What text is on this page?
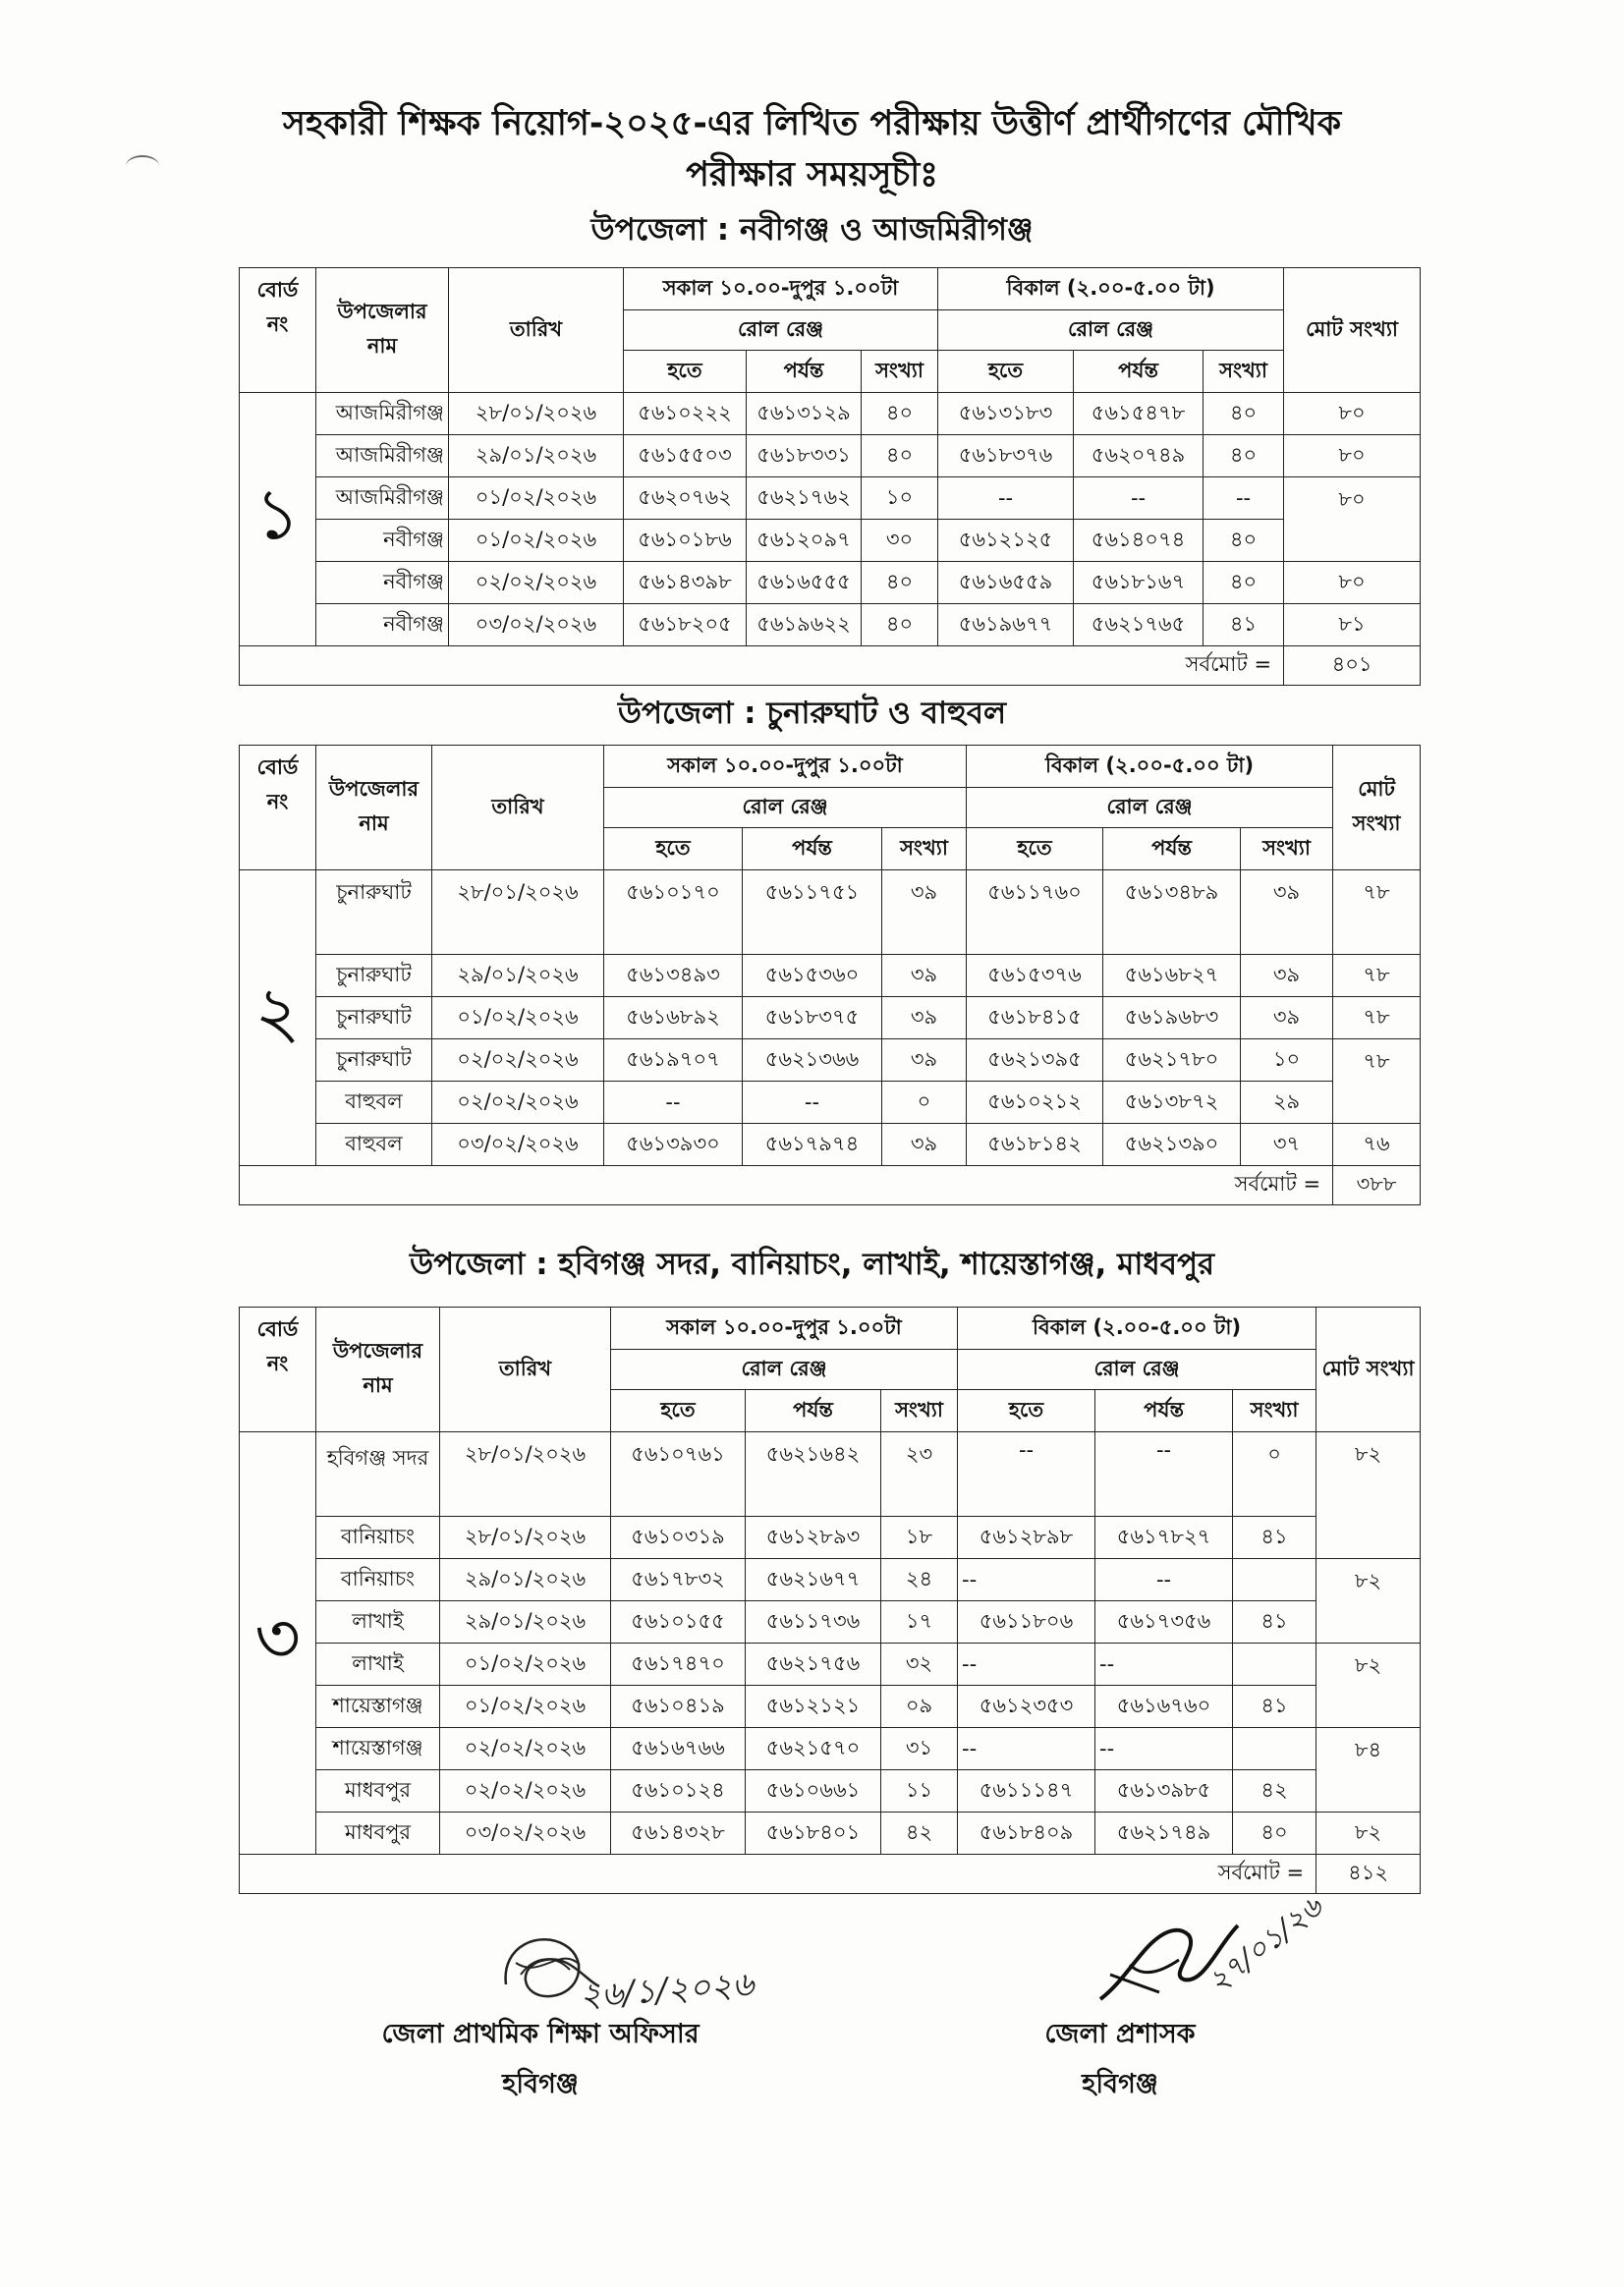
সহকারী শিক্ষক নিয়োগ-২০২৫-এর লিখিত পরীক্ষায় উত্তীর্ণ প্রার্থীগণের মৌখিক
পরীক্ষার সময়সূচীঃ
উপজেলা : নবীগঞ্জ ও আজমিরীগঞ্জ
বোর্ড নং	উপজেলার নাম	তারিখ	সকাল ১০.০০-দুপুর ১.০০টা			বিকাল (২.০০-৫.০০ টা)			মোট সংখ্যা
			রোল রেঞ্জ			রোল রেঞ্জ			
			হতে	পর্যন্ত	সংখ্যা	হতে	পর্যন্ত	সংখ্যা	
১	আজমিরীগঞ্জ	২৮/০১/২০২৬	৫৬১০২২২	৫৬১৩১২৯	৪০	৫৬১৩১৮৩	৫৬১৫৪৭৮	৪০	৮০
	আজমিরীগঞ্জ	২৯/০১/২০২৬	৫৬১৫৫০৩	৫৬১৮৩৩১	৪০	৫৬১৮৩৭৬	৫৬২০৭৪৯	৪০	৮০
	আজমিরীগঞ্জ	০১/০২/২০২৬	৫৬২০৭৬২	৫৬২১৭৬২	১০	--	--	--	৮০
	নবীগঞ্জ	০১/০২/২০২৬	৫৬১০১৮৬	৫৬১২০৯৭	৩০	৫৬১২১২৫	৫৬১৪০৭৪	৪০	
	নবীগঞ্জ	০২/০২/২০২৬	৫৬১৪৩৯৮	৫৬১৬৫৫৫	৪০	৫৬১৬৫৫৯	৫৬১৮১৬৭	৪০	৮০
	নবীগঞ্জ	০৩/০২/২০২৬	৫৬১৮২০৫	৫৬১৯৬২২	৪০	৫৬১৯৬৭৭	৫৬২১৭৬৫	৪১	৮১
সর্বমোট =									৪০১
উপজেলা : চুনারুঘাট ও বাহুবল
বোর্ড নং	উপজেলার নাম	তারিখ	সকাল ১০.০০-দুপুর ১.০০টা			বিকাল (২.০০-৫.০০ টা)			মোট সংখ্যা
			রোল রেঞ্জ			রোল রেঞ্জ			
			হতে	পর্যন্ত	সংখ্যা	হতে	পর্যন্ত	সংখ্যা	
২	চুনারুঘাট	২৮/০১/২০২৬	৫৬১০১৭০	৫৬১১৭৫১	৩৯	৫৬১১৭৬০	৫৬১৩৪৮৯	৩৯	৭৮
	চুনারুঘাট	২৯/০১/২০২৬	৫৬১৩৪৯৩	৫৬১৫৩৬০	৩৯	৫৬১৫৩৭৬	৫৬১৬৮২৭	৩৯	৭৮
	চুনারুঘাট	০১/০২/২০২৬	৫৬১৬৮৯২	৫৬১৮৩৭৫	৩৯	৫৬১৮৪১৫	৫৬১৯৬৮৩	৩৯	৭৮
	চুনারুঘাট	০২/০২/২০২৬	৫৬১৯৭০৭	৫৬২১৩৬৬	৩৯	৫৬২১৩৯৫	৫৬২১৭৮০	১০	৭৮
	বাহুবল	০২/০২/২০২৬	--	--	০	৫৬১০২১২	৫৬১৩৮৭২	২৯	
	বাহুবল	০৩/০২/২০২৬	৫৬১৩৯৩০	৫৬১৭৯৭৪	৩৯	৫৬১৮১৪২	৫৬২১৩৯০	৩৭	৭৬
সর্বমোট =									৩৮৮
উপজেলা : হবিগঞ্জ সদর, বানিয়াচং, লাখাই, শায়েস্তাগঞ্জ, মাধবপুর
বোর্ড নং	উপজেলার নাম	তারিখ	সকাল ১০.০০-দুপুর ১.০০টা			বিকাল (২.০০-৫.০০ টা)			মোট সংখ্যা
			রোল রেঞ্জ			রোল রেঞ্জ			
			হতে	পর্যন্ত	সংখ্যা	হতে	পর্যন্ত	সংখ্যা	
৩	হবিগঞ্জ সদর	২৮/০১/২০২৬	৫৬১০৭৬১	৫৬২১৬৪২	২৩	--	--	০	৮২
	বানিয়াচং	২৮/০১/২০২৬	৫৬১০৩১৯	৫৬১২৮৯৩	১৮	৫৬১২৮৯৮	৫৬১৭৮২৭	৪১	
	বানিয়াচং	২৯/০১/২০২৬	৫৬১৭৮৩২	৫৬২১৬৭৭	২৪	--	--		৮২
	লাখাই	২৯/০১/২০২৬	৫৬১০১৫৫	৫৬১১৭৩৬	১৭	৫৬১১৮০৬	৫৬১৭৩৫৬	৪১	
	লাখাই	০১/০২/২০২৬	৫৬১৭৪৭০	৫৬২১৭৫৬	৩২	--	--		৮২
	শায়েস্তাগঞ্জ	০১/০২/২০২৬	৫৬১০৪১৯	৫৬১২১২১	০৯	৫৬১২৩৫৩	৫৬১৬৭৬০	৪১	
	শায়েস্তাগঞ্জ	০২/০২/২০২৬	৫৬১৬৭৬৬	৫৬২১৫৭০	৩১	--	--		৮৪
	মাধবপুর	০২/০২/২০২৬	৫৬১০১২৪	৫৬১০৬৬১	১১	৫৬১১১৪৭	৫৬১৩৯৮৫	৪২	
	মাধবপুর	০৩/০২/২০২৬	৫৬১৪৩২৮	৫৬১৮৪০১	৪২	৫৬১৮৪০৯	৫৬২১৭৪৯	৪০	৮২
সর্বমোট =									৪১২
২৬/১/২০২৬	২৭/০১/২৬
জেলা প্রাথমিক শিক্ষা অফিসার
হবিগঞ্জ
জেলা প্রশাসক
হবিগঞ্জ
